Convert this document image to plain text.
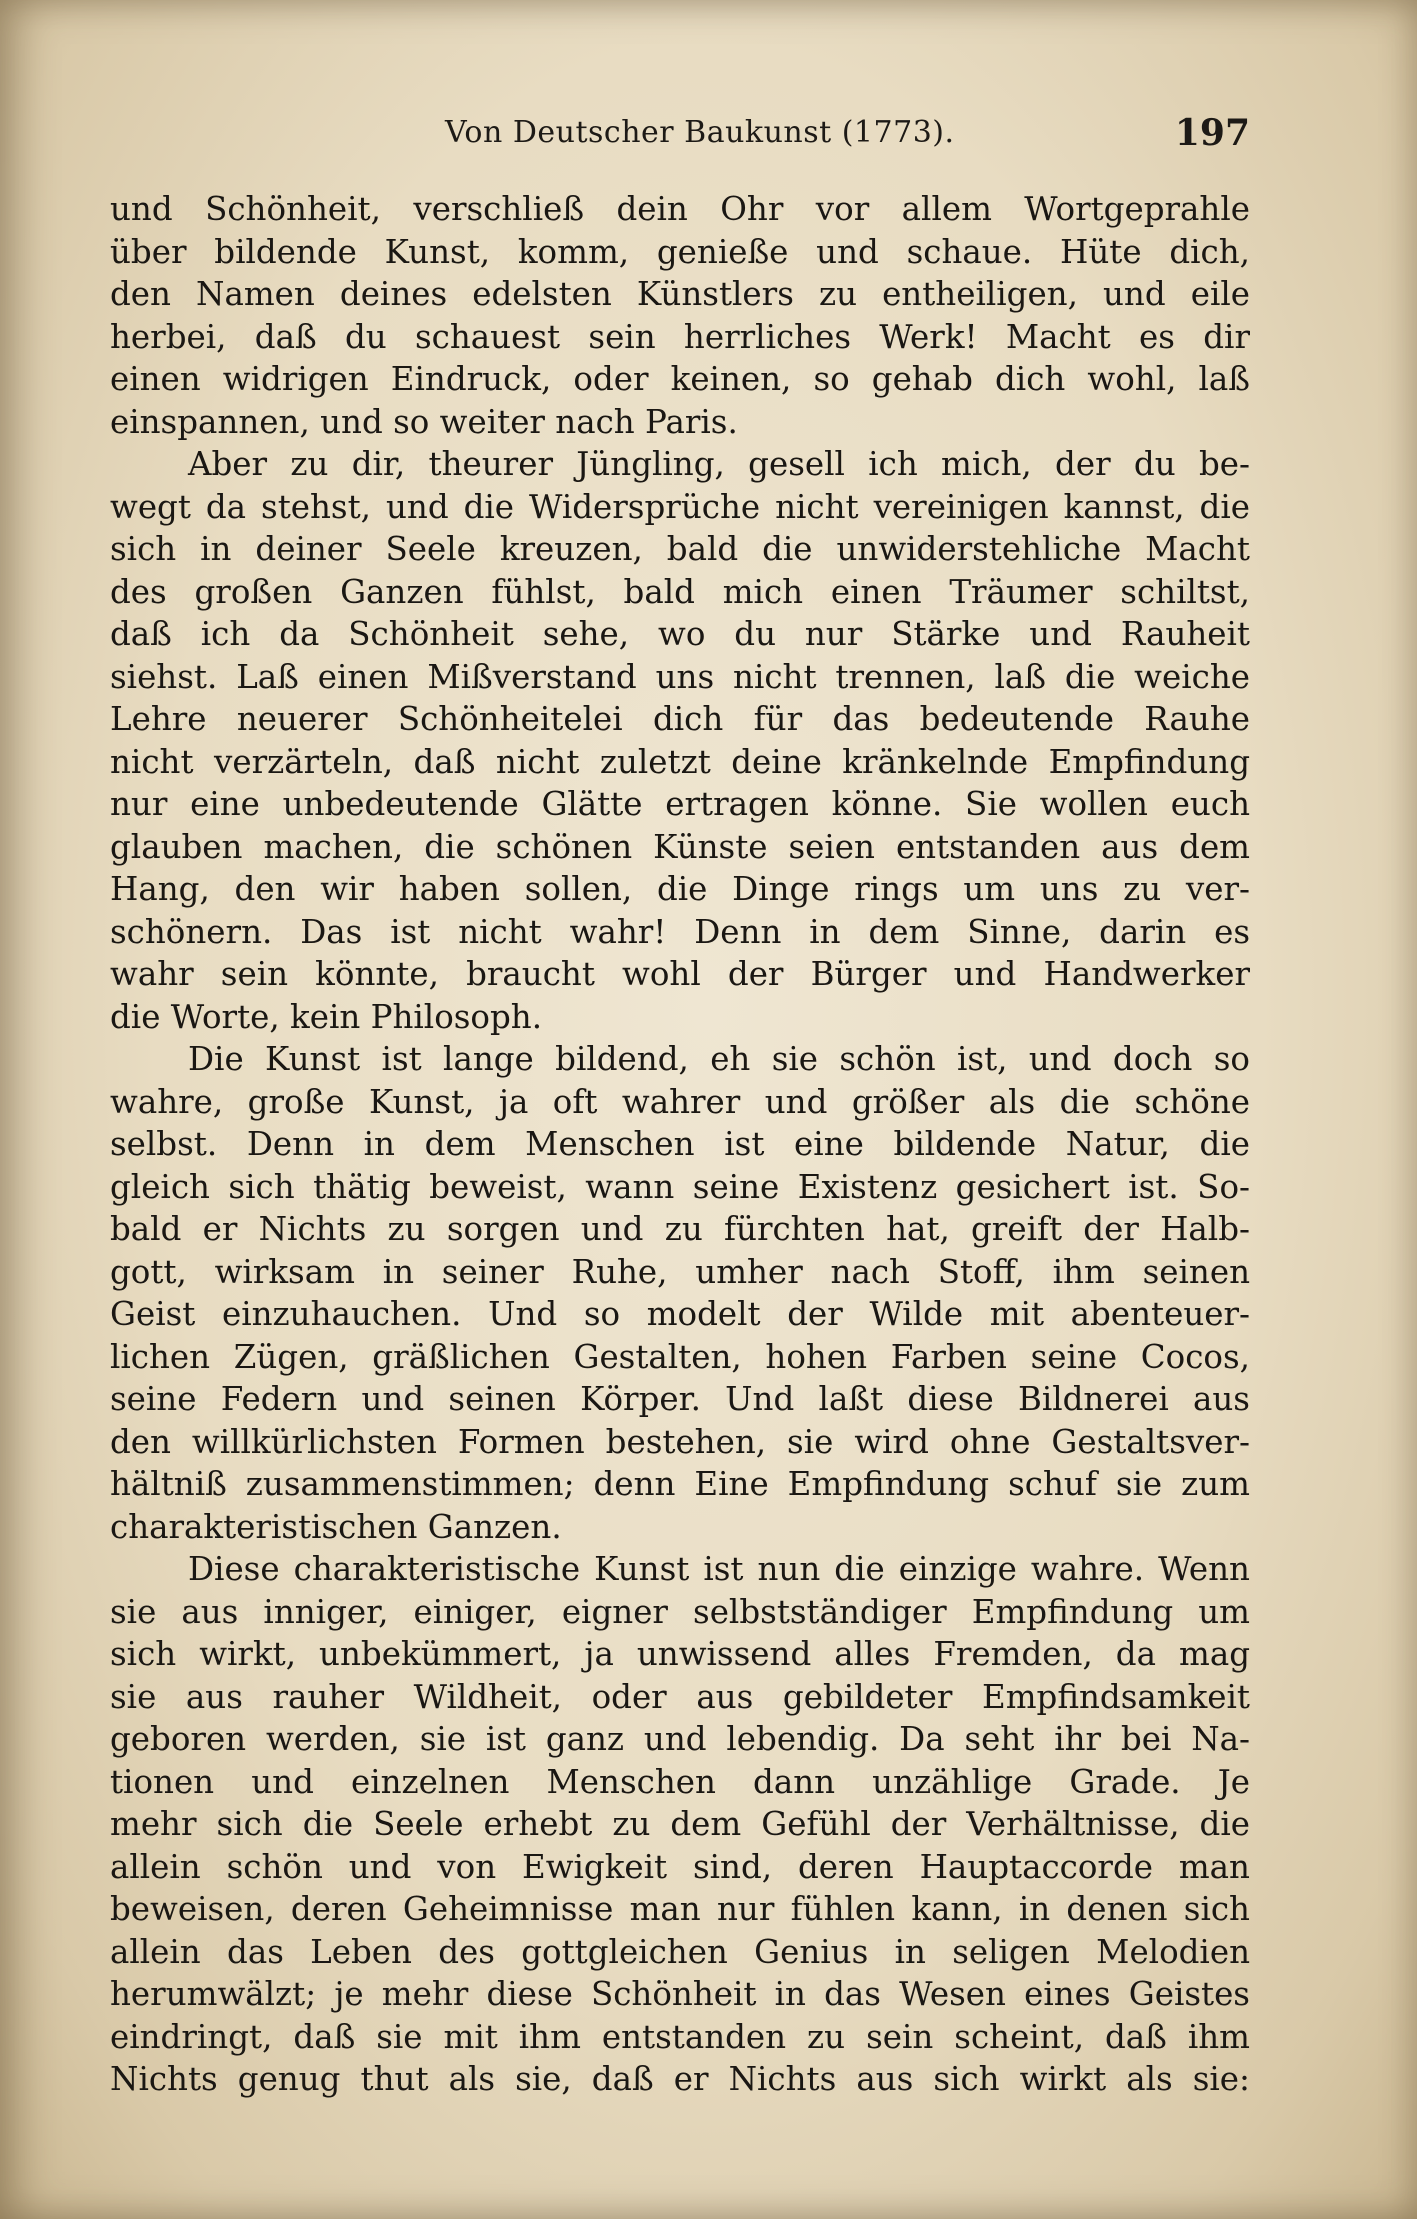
Von Deutscher Baukunst (1773).	197
und Schönheit, verschließ dein Ohr vor allem Wortgeprahle
über bildende Kunst, komm, genieße und schaue. Hüte dich,
den Namen deines edelsten Künstlers zu entheiligen, und eile
herbei, daß du schauest sein herrliches Werk! Macht es dir
einen widrigen Eindruck, oder keinen, so gehab dich wohl, laß
einspannen, und so weiter nach Paris.
Aber zu dir, theurer Jüngling, gesell ich mich, der du be-
wegt da stehst, und die Widersprüche nicht vereinigen kannst, die
sich in deiner Seele kreuzen, bald die unwiderstehliche Macht
des großen Ganzen fühlst, bald mich einen Träumer schiltst,
daß ich da Schönheit sehe, wo du nur Stärke und Rauheit
siehst. Laß einen Mißverstand uns nicht trennen, laß die weiche
Lehre neuerer Schönheitelei dich für das bedeutende Rauhe
nicht verzärteln, daß nicht zuletzt deine kränkelnde Empfindung
nur eine unbedeutende Glätte ertragen könne. Sie wollen euch
glauben machen, die schönen Künste seien entstanden aus dem
Hang, den wir haben sollen, die Dinge rings um uns zu ver-
schönern. Das ist nicht wahr! Denn in dem Sinne, darin es
wahr sein könnte, braucht wohl der Bürger und Handwerker
die Worte, kein Philosoph.
Die Kunst ist lange bildend, eh sie schön ist, und doch so
wahre, große Kunst, ja oft wahrer und größer als die schöne
selbst. Denn in dem Menschen ist eine bildende Natur, die
gleich sich thätig beweist, wann seine Existenz gesichert ist. So-
bald er Nichts zu sorgen und zu fürchten hat, greift der Halb-
gott, wirksam in seiner Ruhe, umher nach Stoff, ihm seinen
Geist einzuhauchen. Und so modelt der Wilde mit abenteuer-
lichen Zügen, gräßlichen Gestalten, hohen Farben seine Cocos,
seine Federn und seinen Körper. Und laßt diese Bildnerei aus
den willkürlichsten Formen bestehen, sie wird ohne Gestaltsver-
hältniß zusammenstimmen; denn Eine Empfindung schuf sie zum
charakteristischen Ganzen.
Diese charakteristische Kunst ist nun die einzige wahre. Wenn
sie aus inniger, einiger, eigner selbstständiger Empfindung um
sich wirkt, unbekümmert, ja unwissend alles Fremden, da mag
sie aus rauher Wildheit, oder aus gebildeter Empfindsamkeit
geboren werden, sie ist ganz und lebendig. Da seht ihr bei Na-
tionen und einzelnen Menschen dann unzählige Grade. Je
mehr sich die Seele erhebt zu dem Gefühl der Verhältnisse, die
allein schön und von Ewigkeit sind, deren Hauptaccorde man
beweisen, deren Geheimnisse man nur fühlen kann, in denen sich
allein das Leben des gottgleichen Genius in seligen Melodien
herumwälzt; je mehr diese Schönheit in das Wesen eines Geistes
eindringt, daß sie mit ihm entstanden zu sein scheint, daß ihm
Nichts genug thut als sie, daß er Nichts aus sich wirkt als sie:
